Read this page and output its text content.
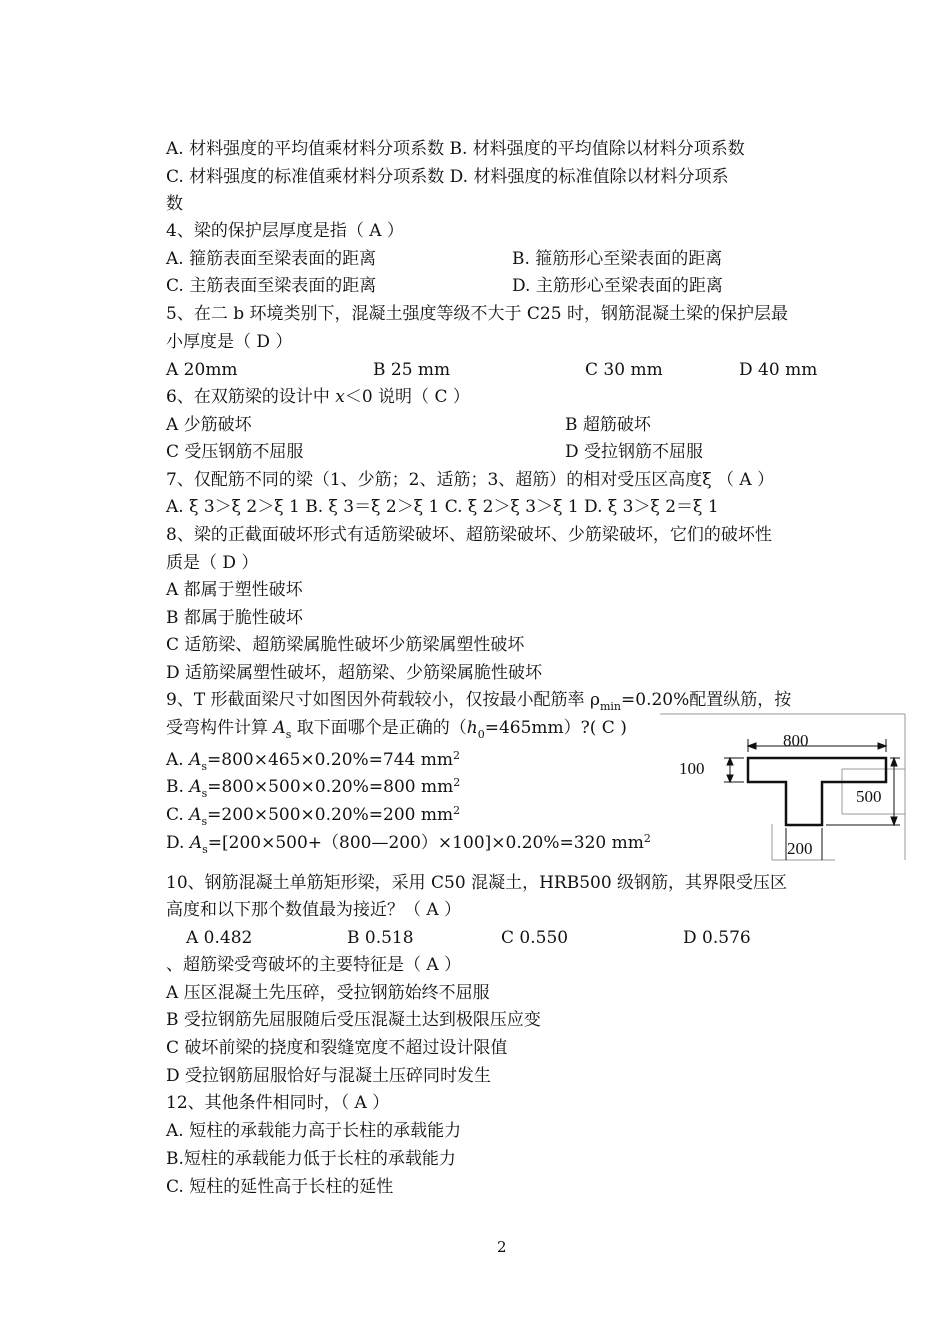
A. 材料强度的平均值乘材料分项系数 B. 材料强度的平均值除以材料分项系数
C. 材料强度的标准值乘材料分项系数 D. 材料强度的标准值除以材料分项系
数
4、梁的保护层厚度是指（ A ）
A. 箍筋表面至梁表面的距离	B. 箍筋形心至梁表面的距离
C. 主筋表面至梁表面的距离	D. 主筋形心至梁表面的距离
5、在二 b 环境类别下，混凝土强度等级不大于 C25 时，钢筋混凝土梁的保护层最
小厚度是（ D ）
A 20mm	B 25 mm	C 30 mm	D 40 mm
6、在双筋梁的设计中 x＜0 说明（ C ）
A 少筋破坏	B 超筋破坏
C 受压钢筋不屈服	D 受拉钢筋不屈服
7、仅配筋不同的梁（1、少筋；2、适筋；3、超筋）的相对受压区高度ξ （ A ）
A. ξ 3＞ξ 2＞ξ 1 B. ξ 3＝ξ 2＞ξ 1 C. ξ 2＞ξ 3＞ξ 1 D. ξ 3＞ξ 2＝ξ 1
8、梁的正截面破坏形式有适筋梁破坏、超筋梁破坏、少筋梁破坏，它们的破坏性
质是（ D ）
A 都属于塑性破坏
B 都属于脆性破坏
C 适筋梁、超筋梁属脆性破坏少筋梁属塑性破坏
D 适筋梁属塑性破坏，超筋梁、少筋梁属脆性破坏
9、T 形截面梁尺寸如图因外荷载较小，仅按最小配筋率 $\rho_{min}=0.20\%$配置纵筋，按
受弯构件计算 $A_s$ 取下面哪个是正确的$(h_0=465mm)$?( C )
A. $A_s=800\times 465\times 0.20\%=744$ $mm^2$
B. $A_s=800\times 500\times 0.20\%=800$ $mm^2$
C. $A_s=200\times 500\times 0.20\%=200$ $mm^2$
D. $A_s=[200\times 500+(800—200)\times 100]\times 0.20\%=320$ $mm^2$
800
100
500
200
10、钢筋混凝土单筋矩形梁，采用 C50 混凝土，HRB500 级钢筋，其界限受压区
高度和以下那个数值最为接近？（ A ）
A 0.482	B 0.518	C 0.550	D 0.576
、超筋梁受弯破坏的主要特征是（ A ）
A 压区混凝土先压碎，受拉钢筋始终不屈服
B 受拉钢筋先屈服随后受压混凝土达到极限压应变
C 破坏前梁的挠度和裂缝宽度不超过设计限值
D 受拉钢筋屈服恰好与混凝土压碎同时发生
12、其他条件相同时，（ A ）
A. 短柱的承载能力高于长柱的承载能力
B.短柱的承载能力低于长柱的承载能力
C. 短柱的延性高于长柱的延性
2
